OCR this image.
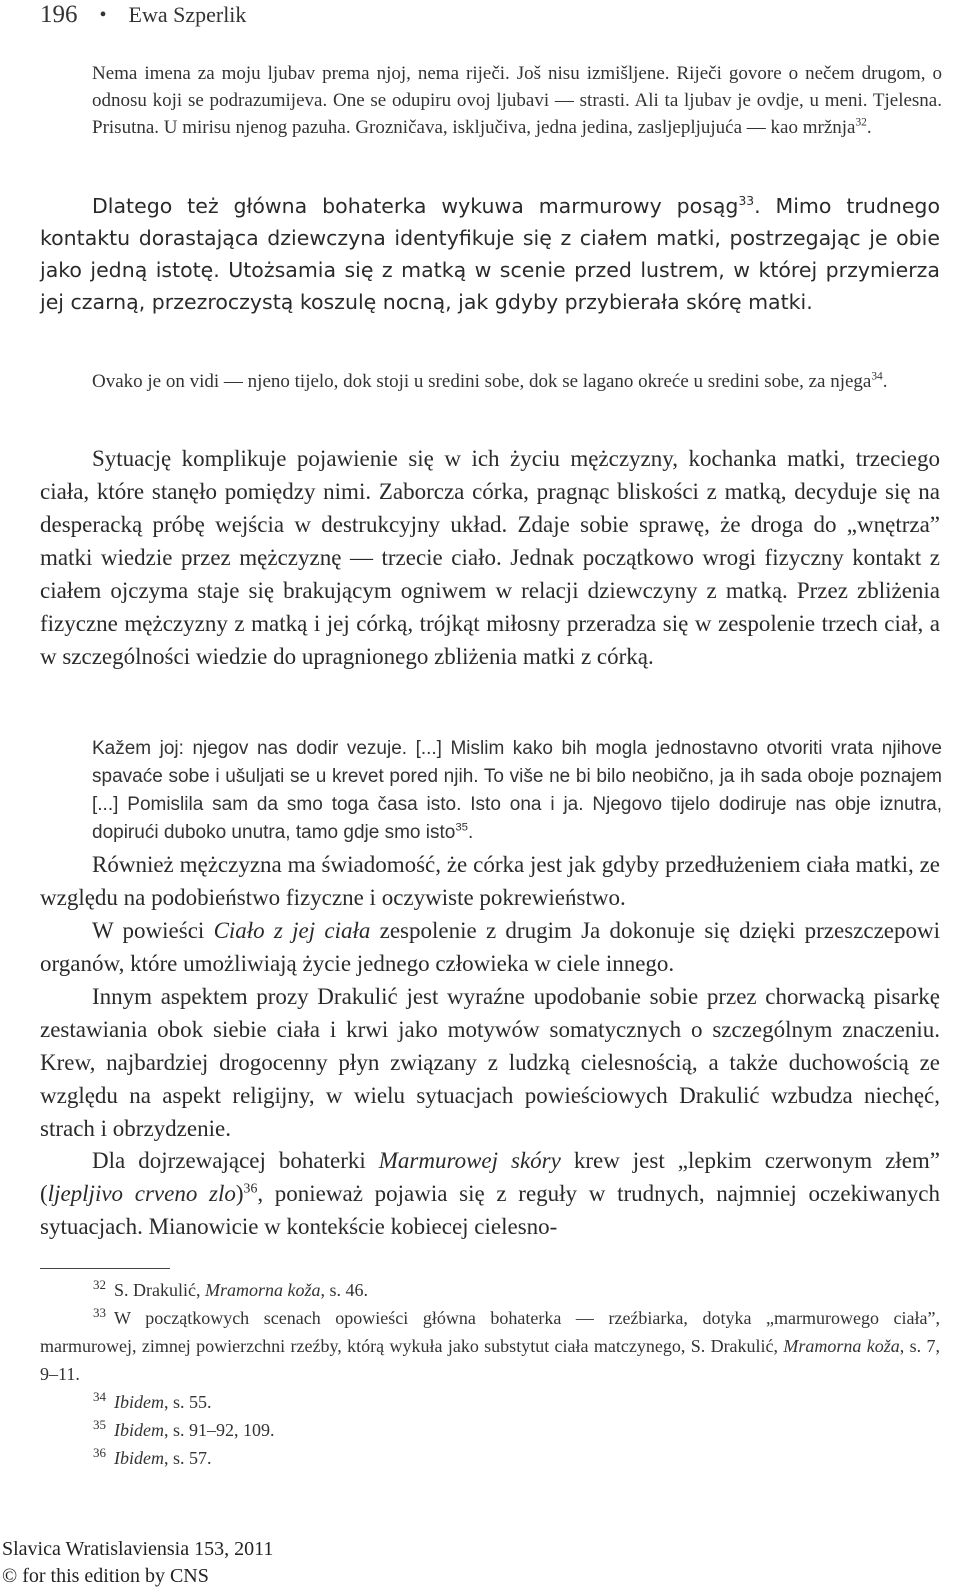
196 • Ewa Szperlik

Nema imena za moju ljubav prema njoj, nema riječi. Još nisu izmišljene. Riječi govore o nečem drugom, o odnosu koji se podrazumijeva. One se odupiru ovoj ljubavi — strasti. Ali ta ljubav je ovdje, u meni. Tjelesna. Prisutna. U mirisu njenog pazuha. Grozničava, isključiva, jedna jedina, zasljepljujuća — kao mržnja$^{32}$.

Dlatego też główna bohaterka wykuwa marmurowy posąg$^{33}$. Mimo trudnego kontaktu dorastająca dziewczyna identyfikuje się z ciałem matki, postrzegając je obie jako jedną istotę. Utożsamia się z matką w scenie przed lustrem, w której przymierza jej czarną, przezroczystą koszulę nocną, jak gdyby przybierała skórę matki.

Ovako je on vidi — njeno tijelo, dok stoji u sredini sobe, dok se lagano okreće u sredini sobe, za njega$^{34}$.

Sytuację komplikuje pojawienie się w ich życiu mężczyzny, kochanka matki, trzeciego ciała, które stanęło pomiędzy nimi. Zaborcza córka, pragnąc bliskości z matką, decyduje się na desperacką próbę wejścia w destrukcyjny układ. Zdaje sobie sprawę, że droga do „wnętrza” matki wiedzie przez mężczyznę — trzecie ciało. Jednak początkowo wrogi fizyczny kontakt z ciałem ojczyma staje się brakującym ogniwem w relacji dziewczyny z matką. Przez zbliżenia fizyczne mężczyzny z matką i jej córką, trójkąt miłosny przeradza się w zespolenie trzech ciał, a w szczególności wiedzie do upragnionego zbliżenia matki z córką.

Kažem joj: njegov nas dodir vezuje. [...] Mislim kako bih mogla jednostavno otvoriti vrata njihove spavaće sobe i ušuljati se u krevet pored njih. To više ne bi bilo neobično, ja ih sada oboje poznajem [...] Pomislila sam da smo toga časa isto. Isto ona i ja. Njegovo tijelo dodiruje nas obje iznutra, dopirući duboko unutra, tamo gdje smo isto$^{35}$.

Również mężczyzna ma świadomość, że córka jest jak gdyby przedłużeniem ciała matki, ze względu na podobieństwo fizyczne i oczywiste pokrewieństwo.

W powieści Ciało z jej ciała zespolenie z drugim Ja dokonuje się dzięki przeszczepowi organów, które umożliwiają życie jednego człowieka w ciele innego.

Innym aspektem prozy Drakulić jest wyraźne upodobanie sobie przez chorwacką pisarkę zestawiania obok siebie ciała i krwi jako motywów somatycznych o szczególnym znaczeniu. Krew, najbardziej drogocenny płyn związany z ludzką cielesnością, a także duchowością ze względu na aspekt religijny, w wielu sytuacjach powieściowych Drakulić wzbudza niechęć, strach i obrzydzenie.

Dla dojrzewającej bohaterki Marmurowej skóry krew jest „lepkim czerwonym złem” (ljepljivo crveno zlo)$^{36}$, ponieważ pojawia się z reguły w trudnych, najmniej oczekiwanych sytuacjach. Mianowicie w kontekście kobiecej cielesno-

32 S. Drakulić, Mramorna koža, s. 46.

33 W początkowych scenach opowieści główna bohaterka — rzeźbiarka, dotyka „marmurowego ciała”, marmurowej, zimnej powierzchni rzeźby, którą wykuła jako substytut ciała matczynego, S. Drakulić, Mramorna koža, s. 7, 9–11.

34 Ibidem, s. 55.

35 Ibidem, s. 91–92, 109.

36 Ibidem, s. 57.

Slavica Wratislaviensia 153, 2011
© for this edition by CNS
